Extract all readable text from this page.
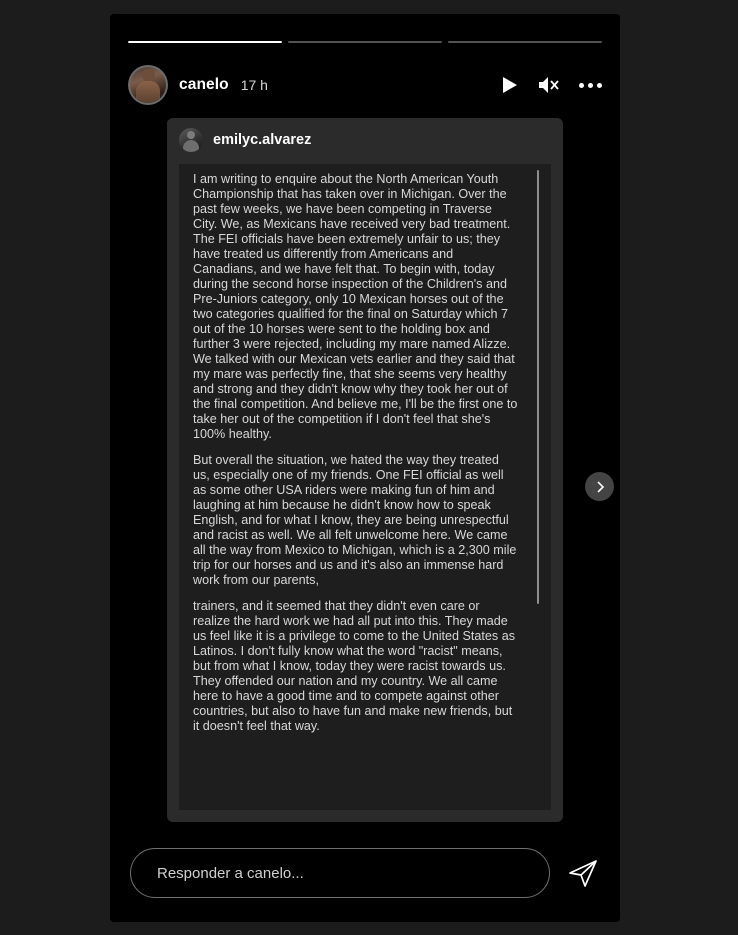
canelo 17 h
emilyc.alvarez

I am writing to enquire about the North American Youth Championship that has taken over in Michigan. Over the past few weeks, we have been competing in Traverse City. We, as Mexicans have received very bad treatment. The FEI officials have been extremely unfair to us; they have treated us differently from Americans and Canadians, and we have felt that. To begin with, today during the second horse inspection of the Children's and Pre-Juniors category, only 10 Mexican horses out of the two categories qualified for the final on Saturday which 7 out of the 10 horses were sent to the holding box and further 3 were rejected, including my mare named Alizze. We talked with our Mexican vets earlier and they said that my mare was perfectly fine, that she seems very healthy and strong and they didn't know why they took her out of the final competition. And believe me, I'll be the first one to take her out of the competition if I don't feel that she's 100% healthy.

But overall the situation, we hated the way they treated us, especially one of my friends. One FEI official as well as some other USA riders were making fun of him and laughing at him because he didn't know how to speak English, and for what I know, they are being unrespectful and racist as well. We all felt unwelcome here. We came all the way from Mexico to Michigan, which is a 2,300 mile trip for our horses and us and it's also an immense hard work from our parents,

trainers, and it seemed that they didn't even care or realize the hard work we had all put into this. They made us feel like it is a privilege to come to the United States as Latinos. I don't fully know what the word "racist" means, but from what I know, today they were racist towards us. They offended our nation and my country. We all came here to have a good time and to compete against other countries, but also to have fun and make new friends, but it doesn't feel that way.

Responder a canelo...
